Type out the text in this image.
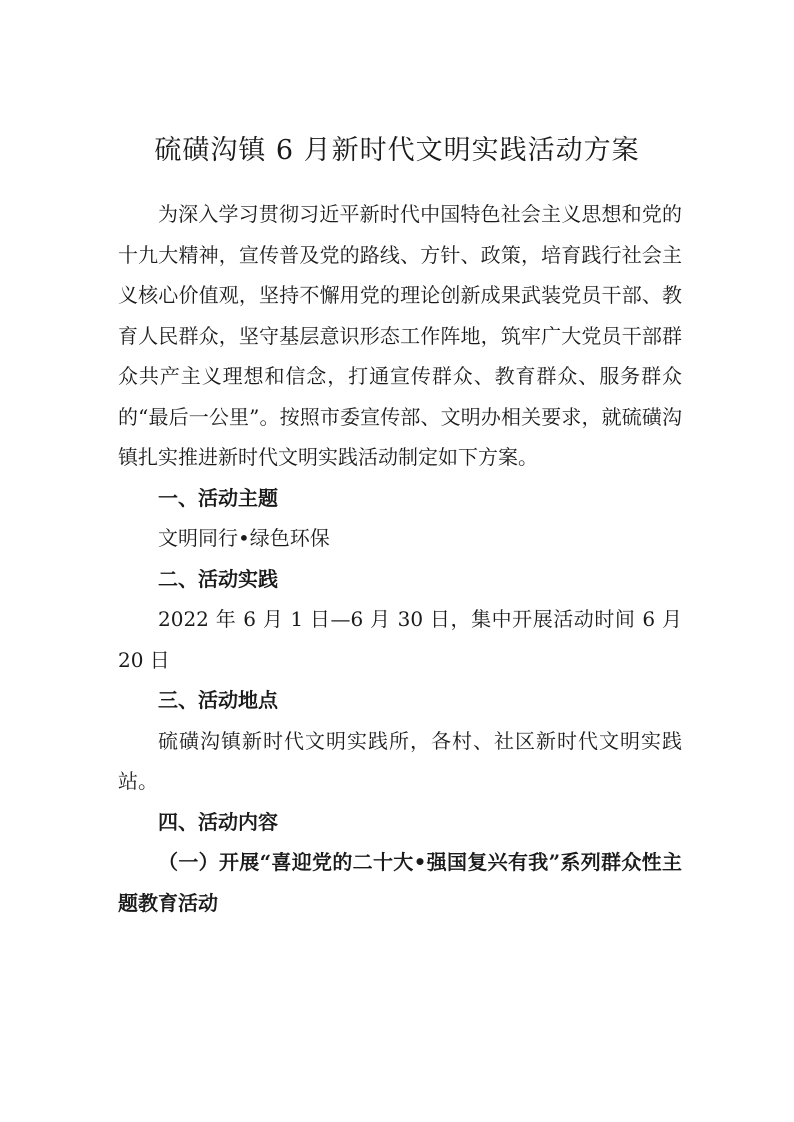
硫磺沟镇 6 月新时代文明实践活动方案

为深入学习贯彻习近平新时代中国特色社会主义思想和党的十九大精神，宣传普及党的路线、方针、政策，培育践行社会主义核心价值观，坚持不懈用党的理论创新成果武装党员干部、教育人民群众，坚守基层意识形态工作阵地，筑牢广大党员干部群众共产主义理想和信念，打通宣传群众、教育群众、服务群众的“最后一公里”。按照市委宣传部、文明办相关要求，就硫磺沟镇扎实推进新时代文明实践活动制定如下方案。

一、活动主题

文明同行•绿色环保

二、活动实践

2022 年 6 月 1 日—6 月 30 日，集中开展活动时间 6 月 20 日

三、活动地点

硫磺沟镇新时代文明实践所，各村、社区新时代文明实践站。

四、活动内容

（一）开展“喜迎党的二十大•强国复兴有我”系列群众性主题教育活动
